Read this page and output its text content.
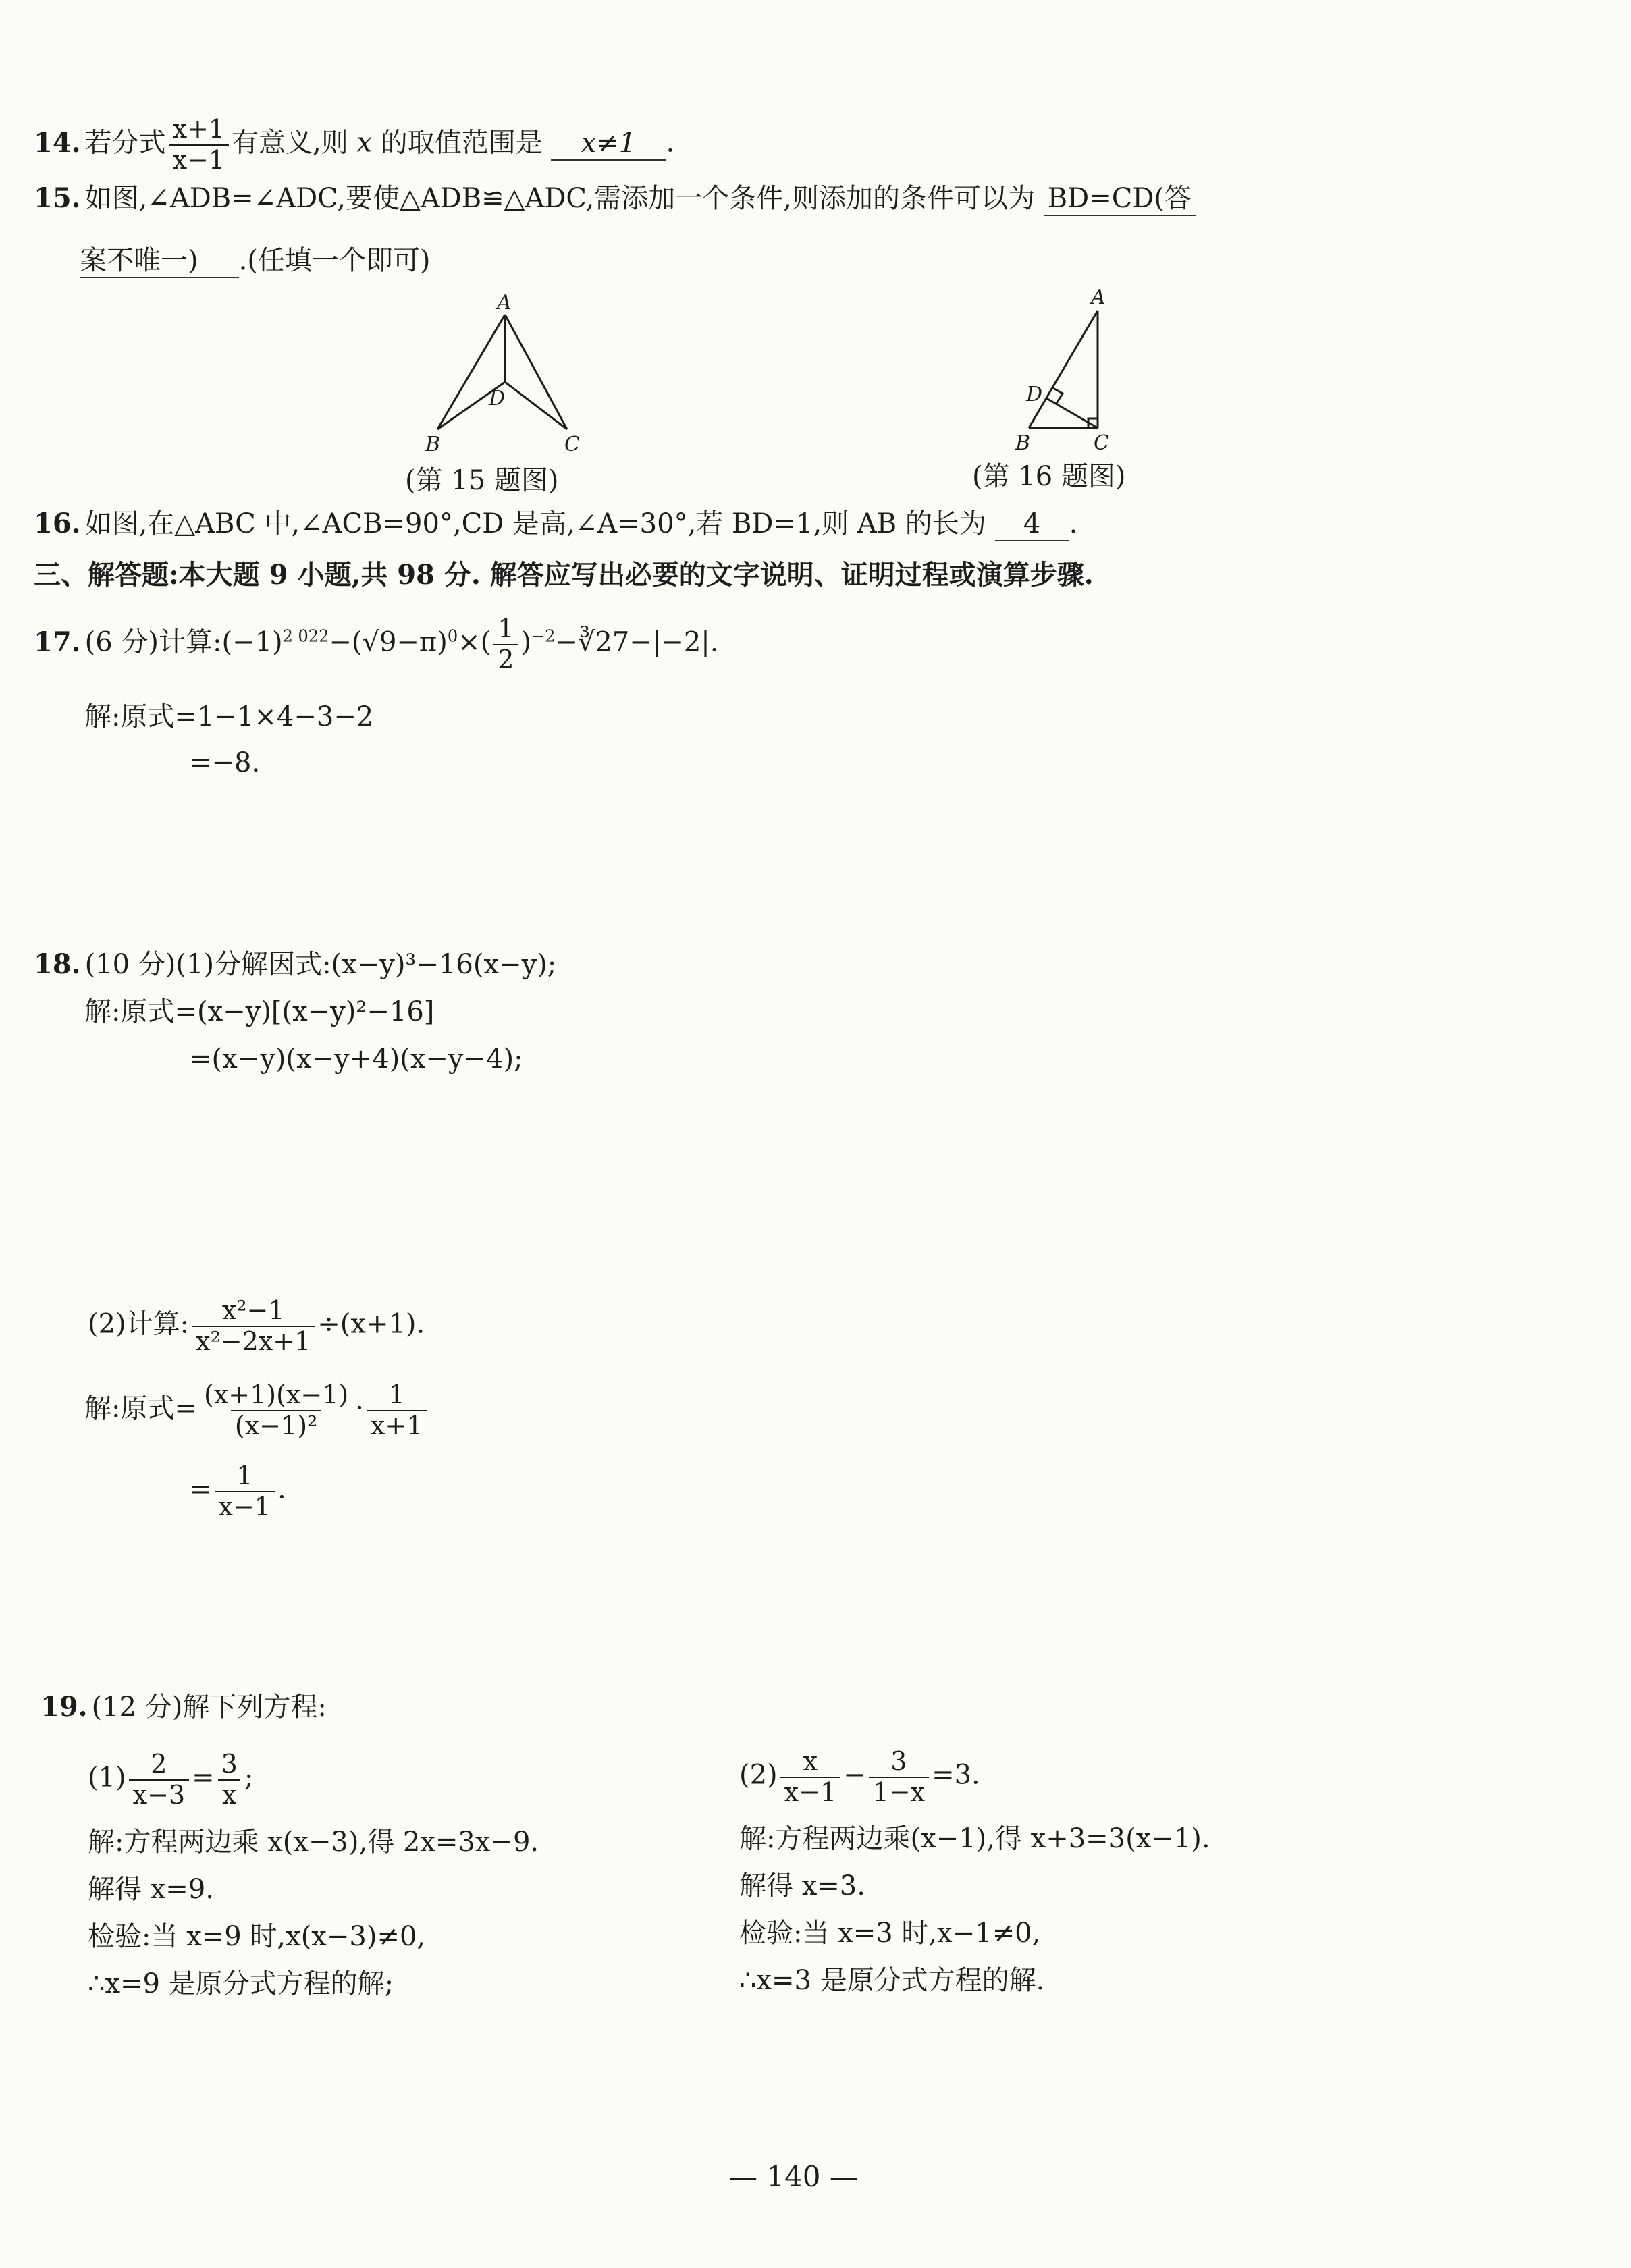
14. 若分式 $\frac{x+1}{x-1}$ 有意义,则 x 的取值范围是 x≠1 .
15. 如图,∠ADB=∠ADC,要使△ADB≌△ADC,需添加一个条件,则添加的条件可以为 BD=CD(答
案不唯一) .(任填一个即可)
A
B	C
D
(第 15 题图)
A
B	C
D
(第 16 题图)
16. 如图,在△ABC 中,∠ACB=90°,CD 是高,∠A=30°,若 BD=1,则 AB 的长为 4 .
三、解答题:本大题 9 小题,共 98 分. 解答应写出必要的文字说明、证明过程或演算步骤.
17. (6 分)计算$:(-1)^{2 022}-(√9-\pi)^0\times( \frac{1}{2}$ )$^{-2}$−∛27−|−2|.
解:原式=1−1×4−3−2
=−8.
18. (10 分)(1)分解因式:(x−y)³−16(x−y);
解:原式=(x−y)[(x−y)²−16]
=(x−y)(x−y+4)(x−y−4);
(2)计算: $\frac{\text{x²−1}}{\text{x²−2x+1}} \div(x+1)$.
解:原式= $\frac{(x+1)(x-1)}{\text{(x−1)²}} \cdot \frac{1}{x+1}$
= $\frac{1}{x-1}$ .
19. (12 分)解下列方程:
$(1) \frac{2}{x-3} = \frac{3}{x}$ ;
解:方程两边乘 x(x−3),得 2x=3x−9.
解得 x=9.
检验:当 x=9 时,x(x−3)≠0,
∴x=9 是原分式方程的解;
$(2) \frac{x}{x-1} - \frac{3}{1-x} =3$.
解:方程两边乘(x−1),得 x+3=3(x−1).
解得 x=3.
检验:当 x=3 时,x−1≠0,
∴x=3 是原分式方程的解.
— 140 —
